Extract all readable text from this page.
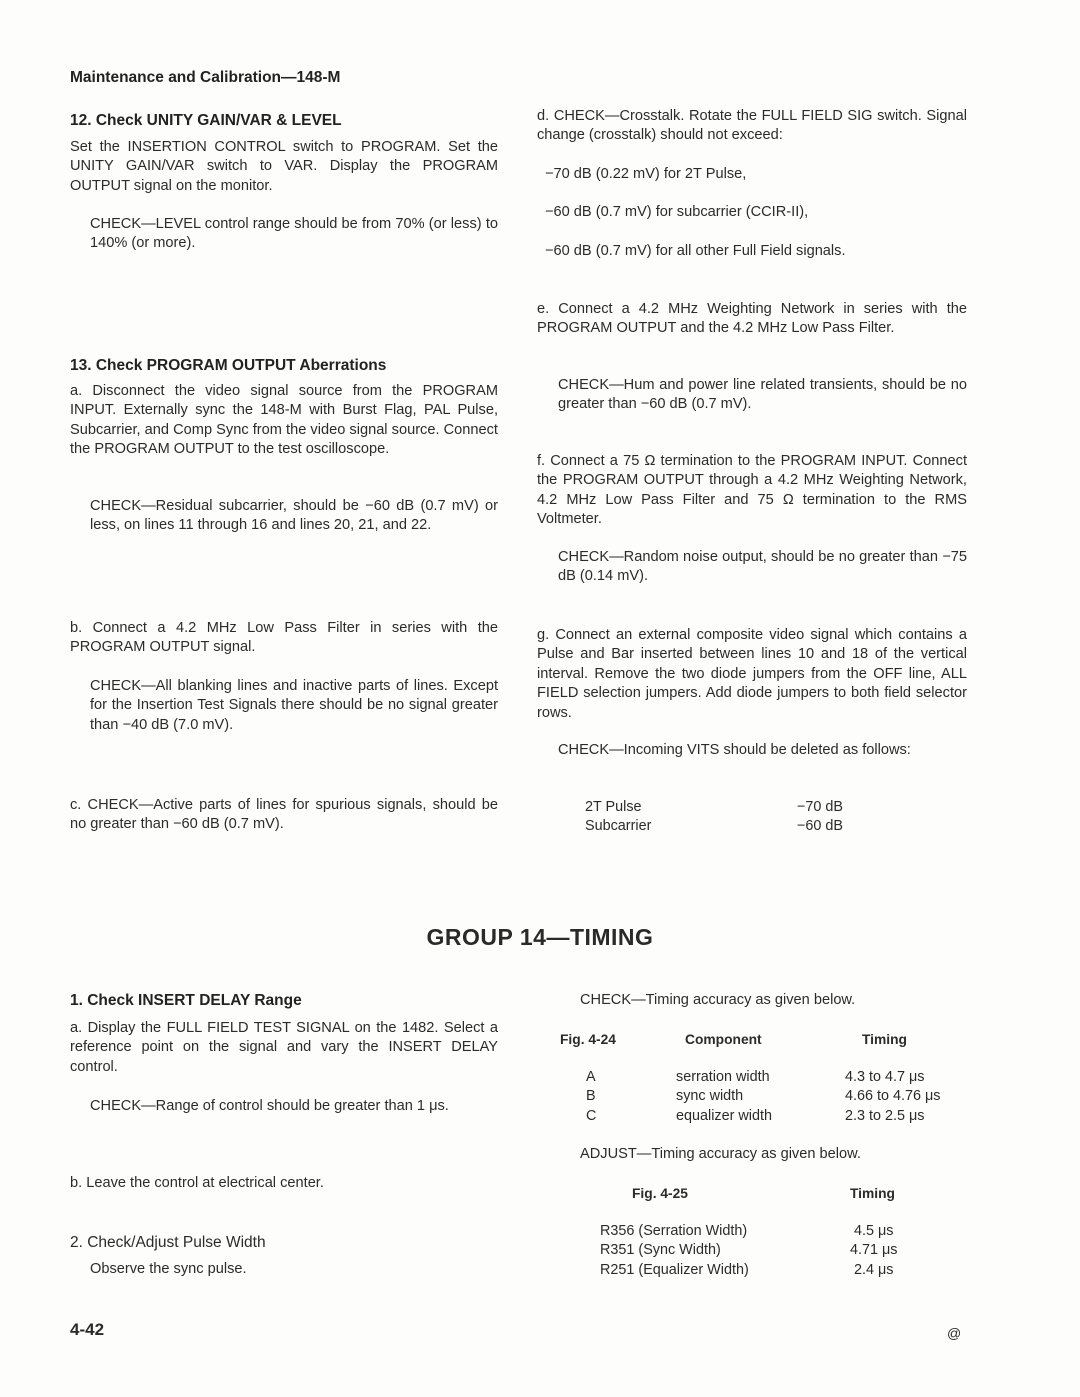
Maintenance and Calibration—148-M
12. Check UNITY GAIN/VAR & LEVEL
Set the INSERTION CONTROL switch to PROGRAM. Set the UNITY GAIN/VAR switch to VAR. Display the PROGRAM OUTPUT signal on the monitor.
CHECK—LEVEL control range should be from 70% (or less) to 140% (or more).
13. Check PROGRAM OUTPUT Aberrations
a. Disconnect the video signal source from the PROGRAM INPUT. Externally sync the 148-M with Burst Flag, PAL Pulse, Subcarrier, and Comp Sync from the video signal source. Connect the PROGRAM OUTPUT to the test oscilloscope.
CHECK—Residual subcarrier, should be −60 dB (0.7 mV) or less, on lines 11 through 16 and lines 20, 21, and 22.
b. Connect a 4.2 MHz Low Pass Filter in series with the PROGRAM OUTPUT signal.
CHECK—All blanking lines and inactive parts of lines. Except for the Insertion Test Signals there should be no signal greater than −40 dB (7.0 mV).
c. CHECK—Active parts of lines for spurious signals, should be no greater than −60 dB (0.7 mV).
d. CHECK—Crosstalk. Rotate the FULL FIELD SIG switch. Signal change (crosstalk) should not exceed:
−70 dB (0.22 mV) for 2T Pulse,
−60 dB (0.7 mV) for subcarrier (CCIR-II),
−60 dB (0.7 mV) for all other Full Field signals.
e. Connect a 4.2 MHz Weighting Network in series with the PROGRAM OUTPUT and the 4.2 MHz Low Pass Filter.
CHECK—Hum and power line related transients, should be no greater than −60 dB (0.7 mV).
f. Connect a 75 Ω termination to the PROGRAM INPUT. Connect the PROGRAM OUTPUT through a 4.2 MHz Weighting Network, 4.2 MHz Low Pass Filter and 75 Ω termination to the RMS Voltmeter.
CHECK—Random noise output, should be no greater than −75 dB (0.14 mV).
g. Connect an external composite video signal which contains a Pulse and Bar inserted between lines 10 and 18 of the vertical interval. Remove the two diode jumpers from the OFF line, ALL FIELD selection jumpers. Add diode jumpers to both field selector rows.
CHECK—Incoming VITS should be deleted as follows:
2T Pulse	−70 dB
Subcarrier	−60 dB
GROUP 14—TIMING
1. Check INSERT DELAY Range
a. Display the FULL FIELD TEST SIGNAL on the 1482. Select a reference point on the signal and vary the INSERT DELAY control.
CHECK—Range of control should be greater than 1 μs.
b. Leave the control at electrical center.
2. Check/Adjust Pulse Width
Observe the sync pulse.
CHECK—Timing accuracy as given below.
Fig. 4-24	Component	Timing
A	serration width	4.3 to 4.7 μs
B	sync width	4.66 to 4.76 μs
C	equalizer width	2.3 to 2.5 μs
ADJUST—Timing accuracy as given below.
Fig. 4-25	Timing
R356 (Serration Width)	4.5 μs
R351 (Sync Width)	4.71 μs
R251 (Equalizer Width)	2.4 μs
4-42	@
